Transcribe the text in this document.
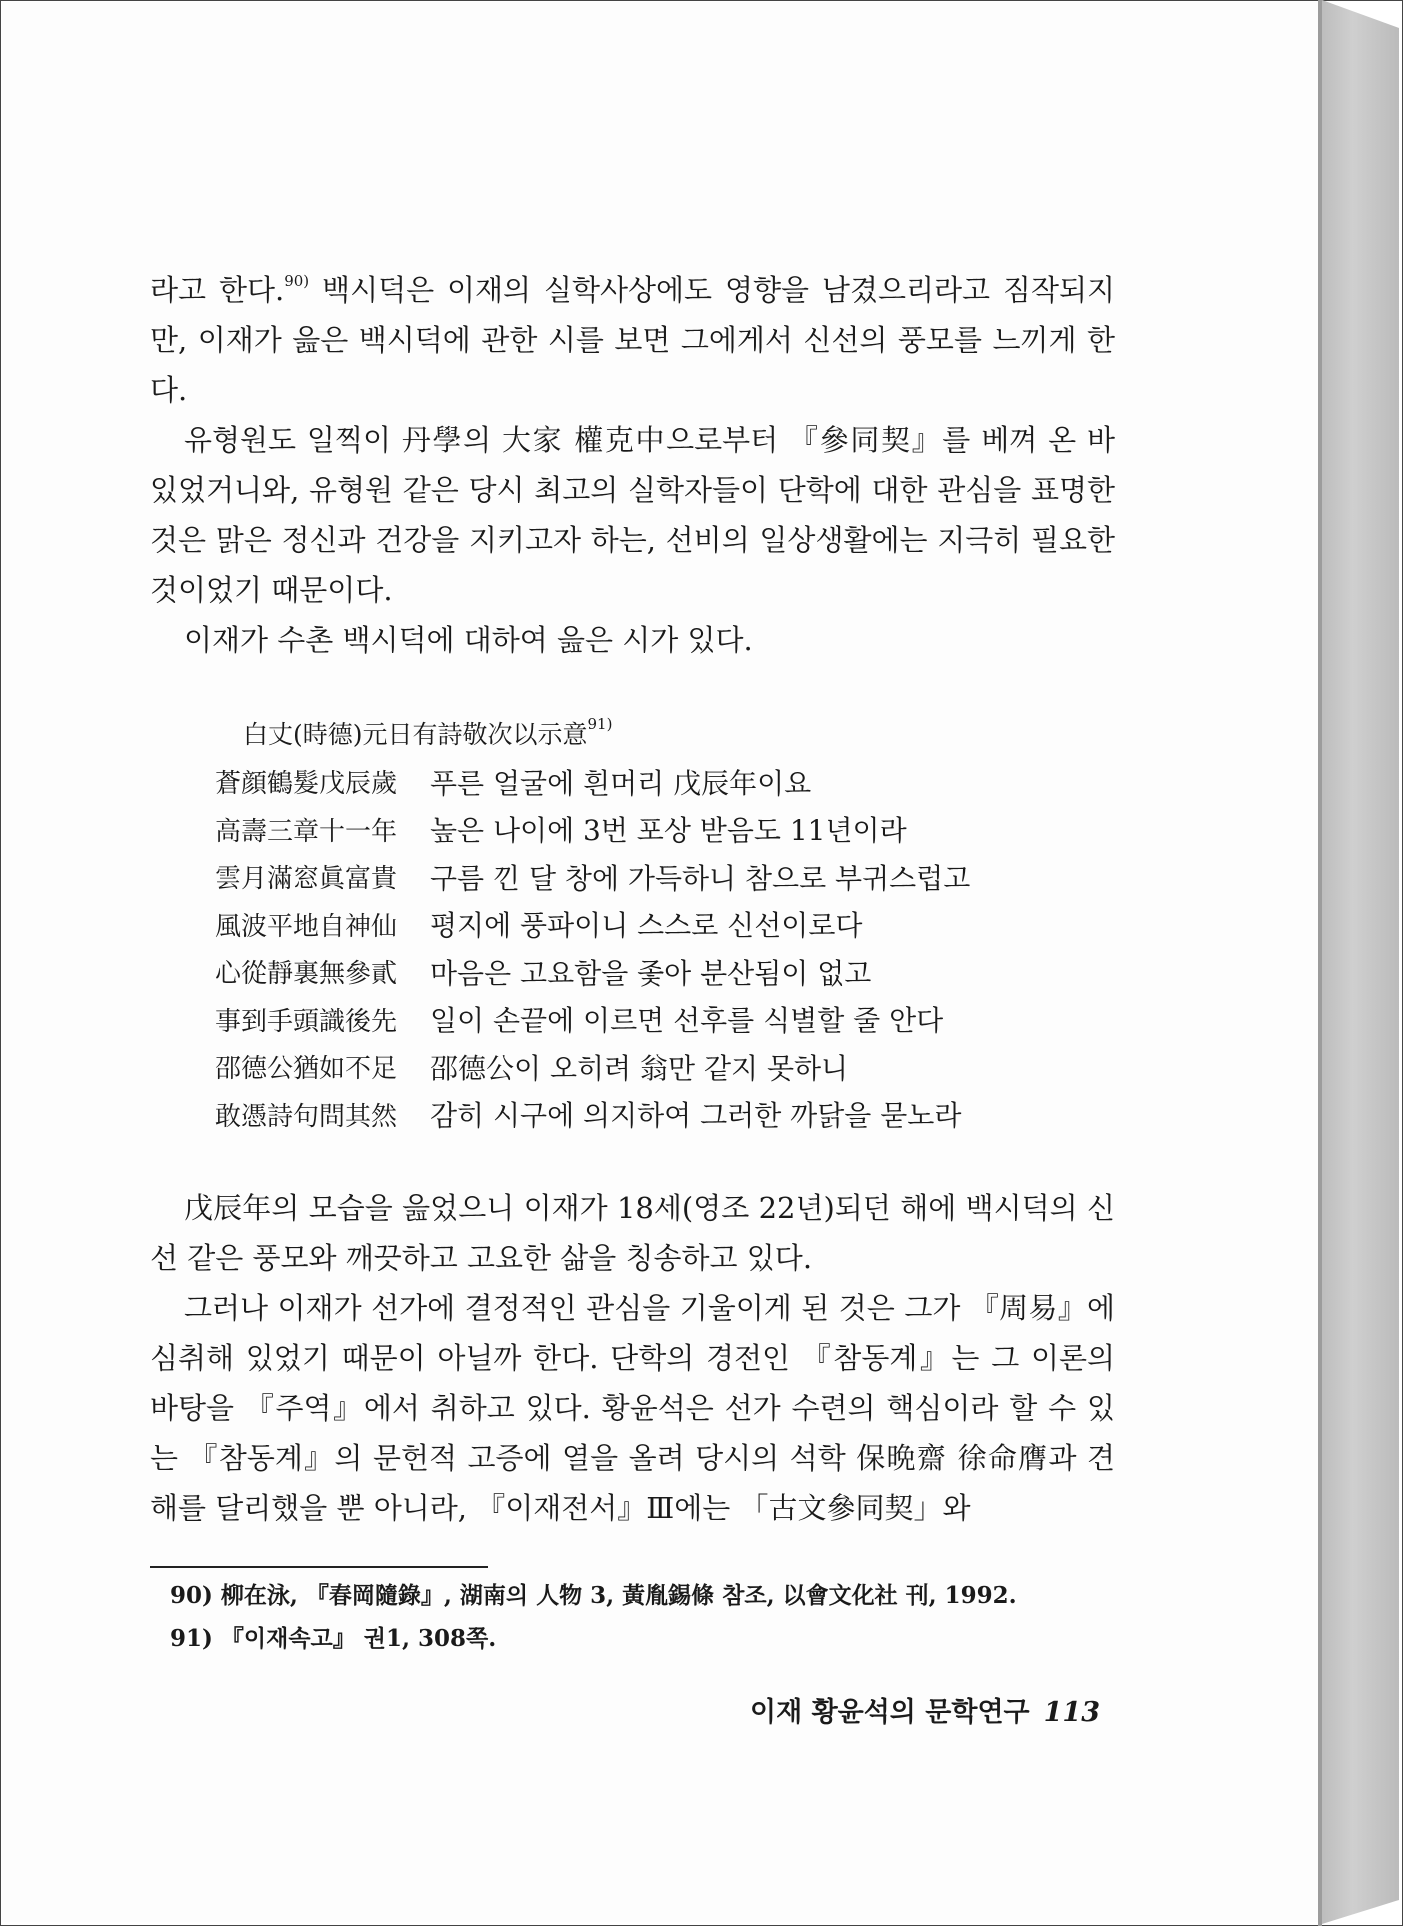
라고 한다.$^{90)}$ 백시덕은 이재의 실학사상에도 영향을 남겼으리라고 짐작되지만, 이재가 읊은 백시덕에 관한 시를 보면 그에게서 신선의 풍모를 느끼게 한다.

유형원도 일찍이 丹學의 大家 權克中으로부터 『參同契』를 베껴 온 바 있었거니와, 유형원 같은 당시 최고의 실학자들이 단학에 대한 관심을 표명한 것은 맑은 정신과 건강을 지키고자 하는, 선비의 일상생활에는 지극히 필요한 것이었기 때문이다.

이재가 수촌 백시덕에 대하여 읊은 시가 있다.

白丈(時德)元日有詩敬次以示意$^{91)}$
蒼顔鶴髮戊辰歲	푸른 얼굴에 흰머리 戊辰年이요
高壽三章十一年	높은 나이에 3번 포상 받음도 11년이라
雲月滿窓眞富貴	구름 낀 달 창에 가득하니 참으로 부귀스럽고
風波平地自神仙	평지에 풍파이니 스스로 신선이로다
心從靜裏無參貳	마음은 고요함을 좇아 분산됨이 없고
事到手頭識後先	일이 손끝에 이르면 선후를 식별할 줄 안다
邵德公猶如不足	邵德公이 오히려 翁만 같지 못하니
敢憑詩句問其然	감히 시구에 의지하여 그러한 까닭을 묻노라

戊辰年의 모습을 읊었으니 이재가 18세(영조 22년)되던 해에 백시덕의 신선 같은 풍모와 깨끗하고 고요한 삶을 칭송하고 있다.

그러나 이재가 선가에 결정적인 관심을 기울이게 된 것은 그가 『周易』에 심취해 있었기 때문이 아닐까 한다. 단학의 경전인 『참동계』는 그 이론의 바탕을 『주역』에서 취하고 있다. 황윤석은 선가 수련의 핵심이라 할 수 있는 『참동계』의 문헌적 고증에 열을 올려 당시의 석학 保晩齋 徐命膺과 견해를 달리했을 뿐 아니라, 『이재전서』Ⅲ에는 「古文參同契」와

90) 柳在泳, 『春岡隨錄』, 湖南의 人物 3, 黃胤錫條 참조, 以會文化社 刊, 1992.
91) 『이재속고』 권1, 308쪽.
이재 황윤석의 문학연구 113
